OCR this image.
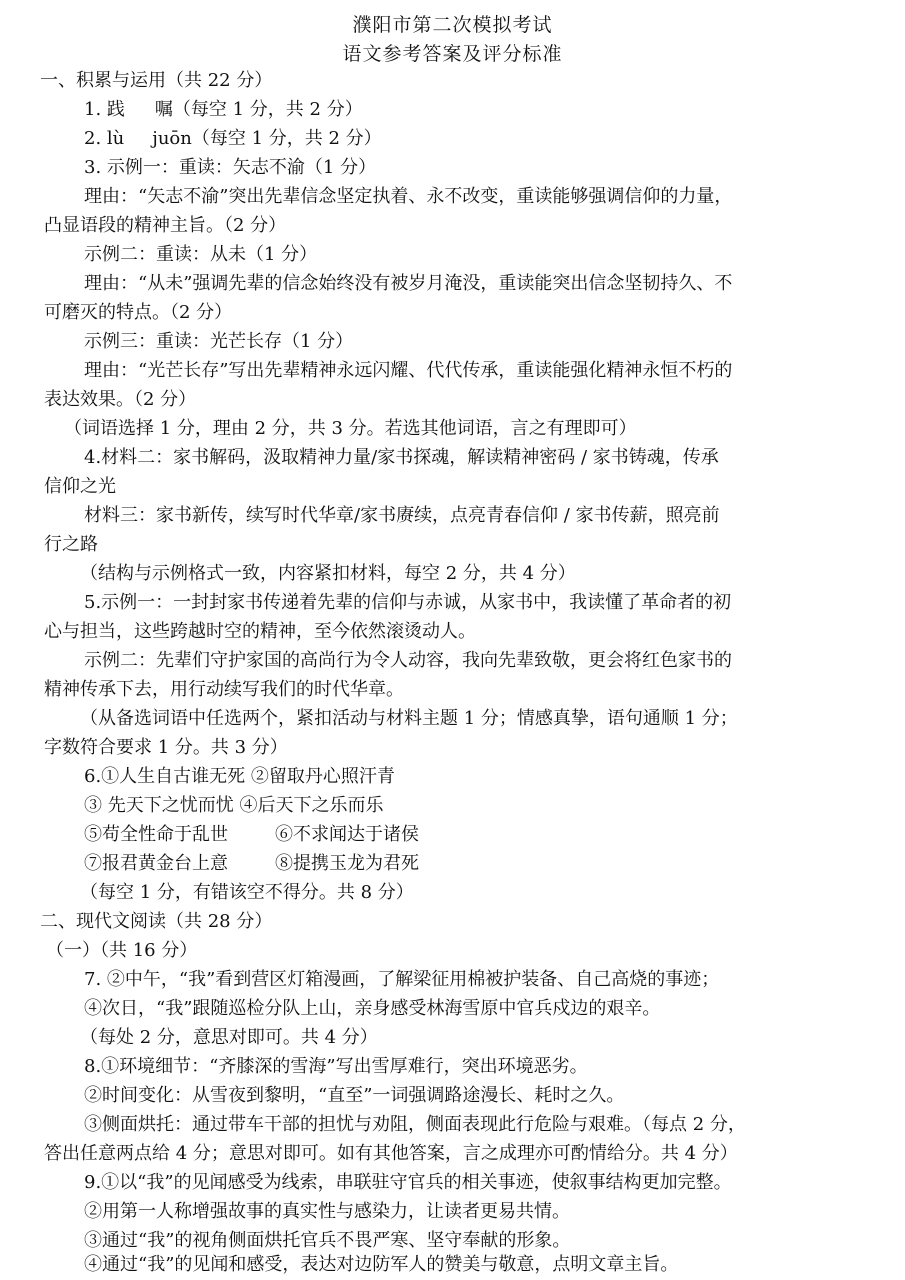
濮阳市第二次模拟考试
语文参考答案及评分标准
一、积累与运用（共 22 分）
1. 践 嘱（每空 1 分，共 2 分）
2. lù juōn（每空 1 分，共 2 分）
3. 示例一：重读：矢志不渝（1 分）
理由：“矢志不渝”突出先辈信念坚定执着、永不改变，重读能够强调信仰的力量，
凸显语段的精神主旨。（2 分）
示例二：重读：从未（1 分）
理由：“从未”强调先辈的信念始终没有被岁月淹没，重读能突出信念坚韧持久、不
可磨灭的特点。（2 分）
示例三：重读：光芒长存（1 分）
理由：“光芒长存”写出先辈精神永远闪耀、代代传承，重读能强化精神永恒不朽的
表达效果。（2 分）
（词语选择 1 分，理由 2 分，共 3 分。若选其他词语，言之有理即可）
4.材料二：家书解码，汲取精神力量/家书探魂，解读精神密码 / 家书铸魂，传承
信仰之光
材料三：家书新传，续写时代华章/家书赓续，点亮青春信仰 / 家书传薪，照亮前
行之路
（结构与示例格式一致，内容紧扣材料，每空 2 分，共 4 分）
5.示例一：一封封家书传递着先辈的信仰与赤诚，从家书中，我读懂了革命者的初
心与担当，这些跨越时空的精神，至今依然滚烫动人。
示例二：先辈们守护家国的高尚行为令人动容，我向先辈致敬，更会将红色家书的
精神传承下去，用行动续写我们的时代华章。
（从备选词语中任选两个，紧扣活动与材料主题 1 分；情感真挚，语句通顺 1 分；
字数符合要求 1 分。共 3 分）
6.①人生自古谁无死 ②留取丹心照汗青
③ 先天下之忧而忧 ④后天下之乐而乐
⑤苟全性命于乱世	⑥不求闻达于诸侯
⑦报君黄金台上意	⑧提携玉龙为君死
（每空 1 分，有错该空不得分。共 8 分）
二、现代文阅读（共 28 分）
（一）（共 16 分）
7. ②中午，“我”看到营区灯箱漫画，了解梁征用棉被护装备、自己高烧的事迹；
④次日，“我”跟随巡检分队上山，亲身感受林海雪原中官兵戍边的艰辛。
（每处 2 分，意思对即可。共 4 分）
8.①环境细节：“齐膝深的雪海”写出雪厚难行，突出环境恶劣。
②时间变化：从雪夜到黎明，“直至”一词强调路途漫长、耗时之久。
③侧面烘托：通过带车干部的担忧与劝阻，侧面表现此行危险与艰难。（每点 2 分，
答出任意两点给 4 分；意思对即可。如有其他答案，言之成理亦可酌情给分。共 4 分）
9.①以“我”的见闻感受为线索，串联驻守官兵的相关事迹，使叙事结构更加完整。
②用第一人称增强故事的真实性与感染力，让读者更易共情。
③通过“我”的视角侧面烘托官兵不畏严寒、坚守奉献的形象。
④通过“我”的见闻和感受，表达对边防军人的赞美与敬意，点明文章主旨。
